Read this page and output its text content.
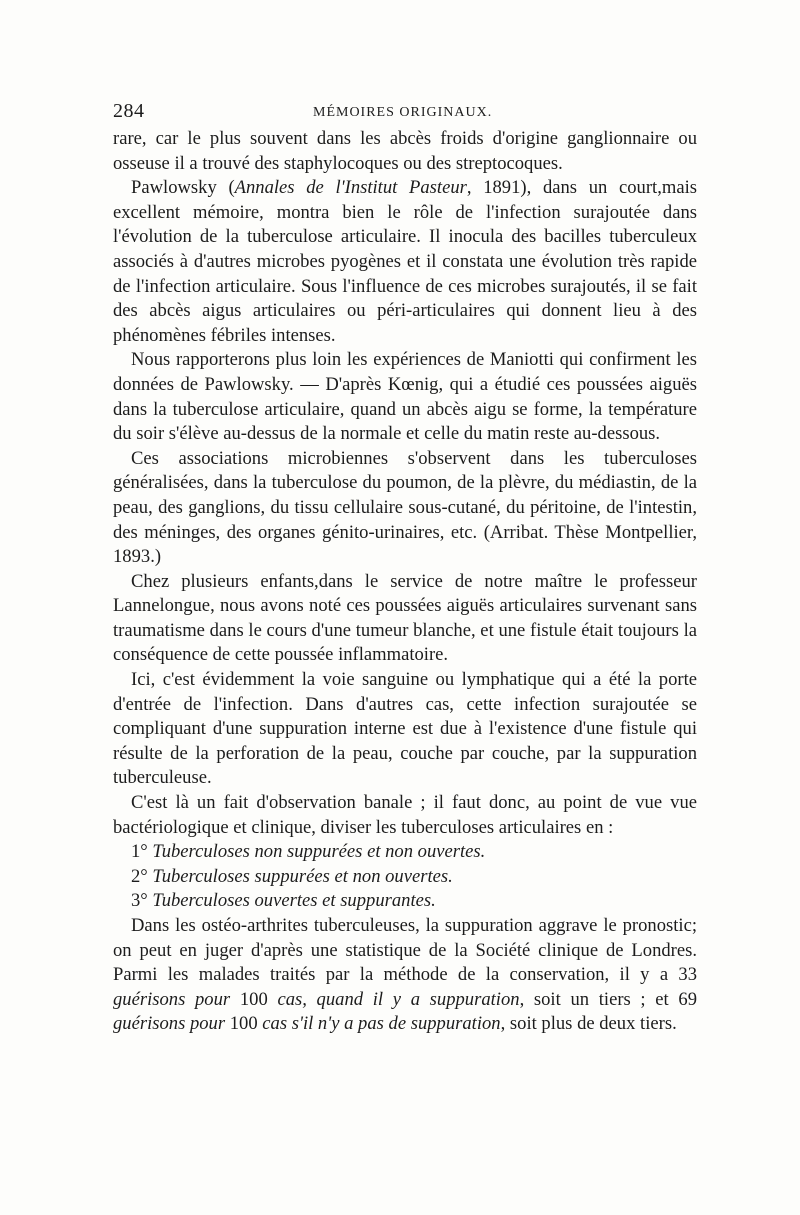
284	MÉMOIRES ORIGINAUX.

rare, car le plus souvent dans les abcès froids d'origine ganglionnaire ou osseuse il a trouvé des staphylocoques ou des streptocoques.

Pawlowsky (Annales de l'Institut Pasteur, 1891), dans un court,mais excellent mémoire, montra bien le rôle de l'infection surajoutée dans l'évolution de la tuberculose articulaire. Il inocula des bacilles tuberculeux associés à d'autres microbes pyogènes et il constata une évolution très rapide de l'infection articulaire. Sous l'influence de ces microbes surajoutés, il se fait des abcès aigus articulaires ou péri-articulaires qui donnent lieu à des phénomènes fébriles intenses.

Nous rapporterons plus loin les expériences de Maniotti qui confirment les données de Pawlowsky. — D'après Kœnig, qui a étudié ces poussées aiguës dans la tuberculose articulaire, quand un abcès aigu se forme, la température du soir s'élève au-dessus de la normale et celle du matin reste au-dessous.

Ces associations microbiennes s'observent dans les tuberculoses généralisées, dans la tuberculose du poumon, de la plèvre, du médiastin, de la peau, des ganglions, du tissu cellulaire sous-cutané, du péritoine, de l'intestin, des méninges, des organes génito-urinaires, etc. (Arribat. Thèse Montpellier, 1893.)

Chez plusieurs enfants,dans le service de notre maître le professeur Lannelongue, nous avons noté ces poussées aiguës articulaires survenant sans traumatisme dans le cours d'une tumeur blanche, et une fistule était toujours la conséquence de cette poussée inflammatoire.

Ici, c'est évidemment la voie sanguine ou lymphatique qui a été la porte d'entrée de l'infection. Dans d'autres cas, cette infection surajoutée se compliquant d'une suppuration interne est due à l'existence d'une fistule qui résulte de la perforation de la peau, couche par couche, par la suppuration tuberculeuse.

C'est là un fait d'observation banale ; il faut donc, au point de vue vue bactériologique et clinique, diviser les tuberculoses articulaires en :

1° Tuberculoses non suppurées et non ouvertes.

2° Tuberculoses suppurées et non ouvertes.

3° Tuberculoses ouvertes et suppurantes.

Dans les ostéo-arthrites tuberculeuses, la suppuration aggrave le pronostic; on peut en juger d'après une statistique de la Société clinique de Londres. Parmi les malades traités par la méthode de la conservation, il y a 33 guérisons pour 100 cas, quand il y a suppuration, soit un tiers ; et 69 guérisons pour 100 cas s'il n'y a pas de suppuration, soit plus de deux tiers.
